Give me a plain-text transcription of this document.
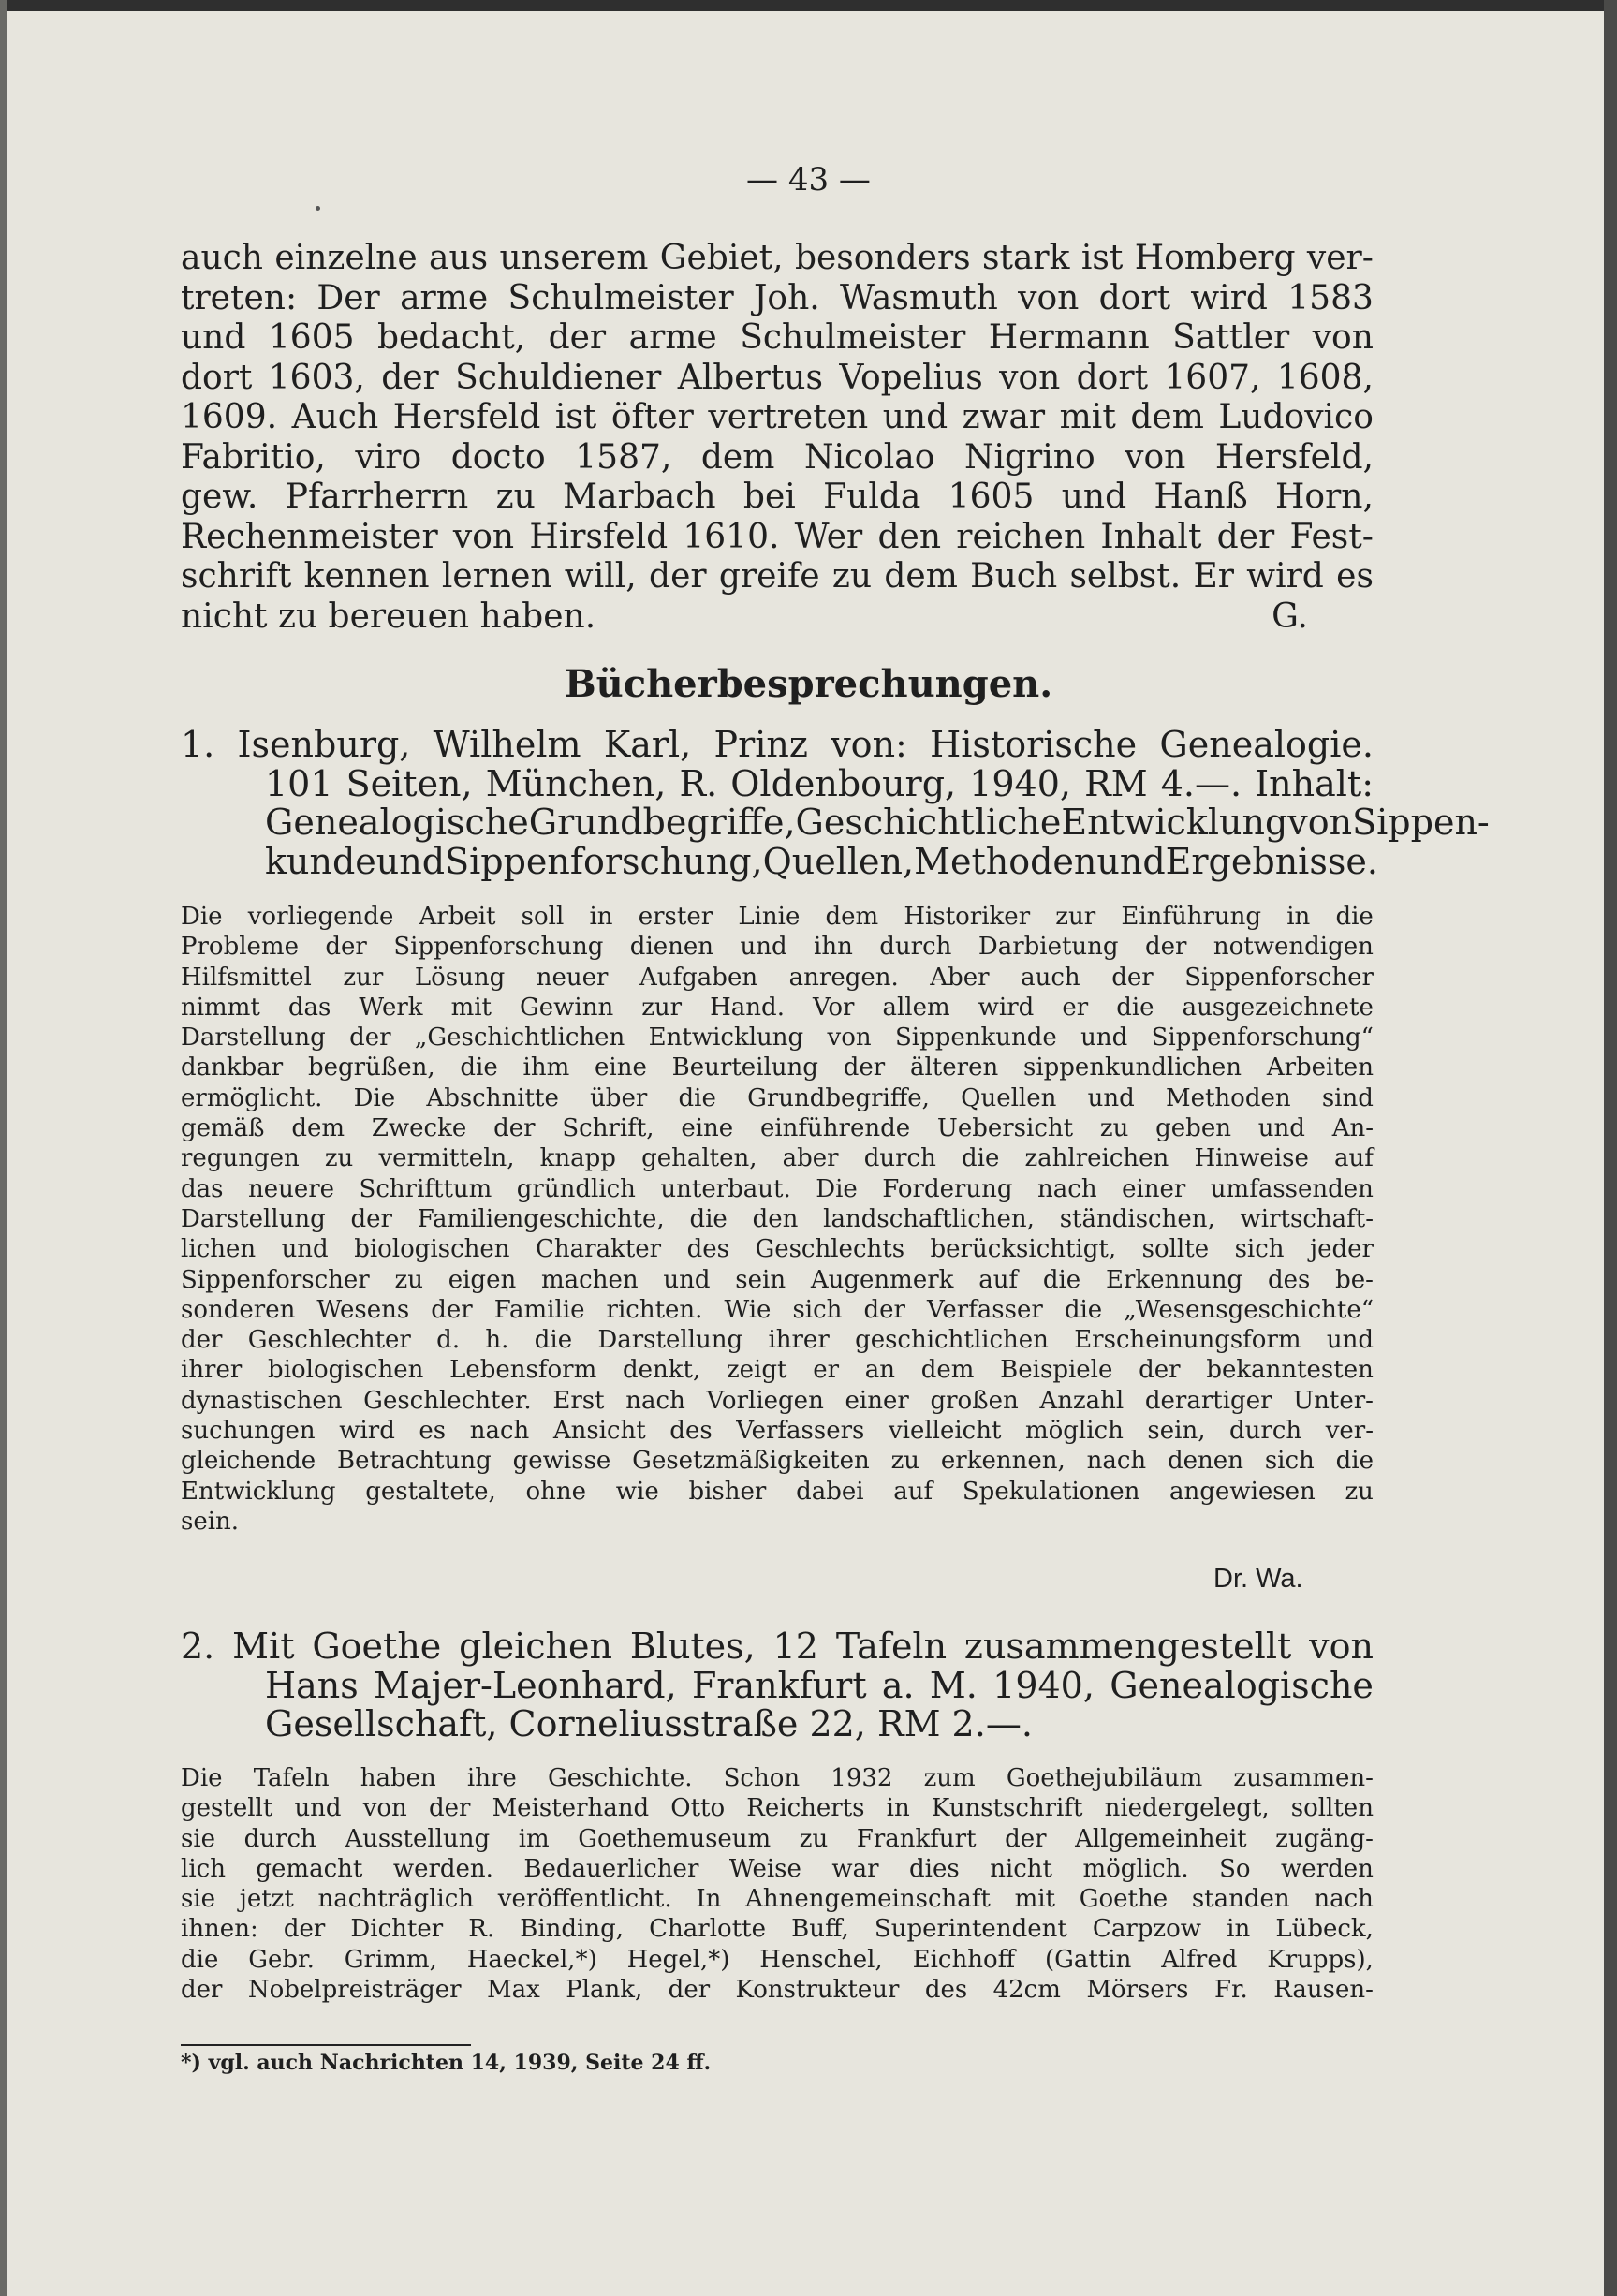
— 43 —
auch einzelne aus unserem Gebiet, besonders stark ist Homberg ver-
treten: Der arme Schulmeister Joh. Wasmuth von dort wird 1583
und 1605 bedacht, der arme Schulmeister Hermann Sattler von
dort 1603, der Schuldiener Albertus Vopelius von dort 1607, 1608,
1609. Auch Hersfeld ist öfter vertreten und zwar mit dem Ludovico
Fabritio, viro docto 1587, dem Nicolao Nigrino von Hersfeld,
gew. Pfarrherrn zu Marbach bei Fulda 1605 und Hanß Horn,
Rechenmeister von Hirsfeld 1610. Wer den reichen Inhalt der Fest-
schrift kennen lernen will, der greife zu dem Buch selbst. Er wird es
nicht zu bereuen haben.	G.
Bücherbesprechungen.
1. Isenburg, Wilhelm Karl, Prinz von: Historische Genealogie.
101 Seiten, München, R. Oldenbourg, 1940, RM 4.—. Inhalt:
Genealogische Grundbegriffe, Geschichtliche Entwicklung von Sippen-
kunde und Sippenforschung, Quellen, Methoden und Ergebnisse.
Die vorliegende Arbeit soll in erster Linie dem Historiker zur Einführung in die
Probleme der Sippenforschung dienen und ihn durch Darbietung der notwendigen
Hilfsmittel zur Lösung neuer Aufgaben anregen. Aber auch der Sippenforscher
nimmt das Werk mit Gewinn zur Hand. Vor allem wird er die ausgezeichnete
Darstellung der „Geschichtlichen Entwicklung von Sippenkunde und Sippenforschung“
dankbar begrüßen, die ihm eine Beurteilung der älteren sippenkundlichen Arbeiten
ermöglicht. Die Abschnitte über die Grundbegriffe, Quellen und Methoden sind
gemäß dem Zwecke der Schrift, eine einführende Uebersicht zu geben und An-
regungen zu vermitteln, knapp gehalten, aber durch die zahlreichen Hinweise auf
das neuere Schrifttum gründlich unterbaut. Die Forderung nach einer umfassenden
Darstellung der Familiengeschichte, die den landschaftlichen, ständischen, wirtschaft-
lichen und biologischen Charakter des Geschlechts berücksichtigt, sollte sich jeder
Sippenforscher zu eigen machen und sein Augenmerk auf die Erkennung des be-
sonderen Wesens der Familie richten. Wie sich der Verfasser die „Wesensgeschichte“
der Geschlechter d. h. die Darstellung ihrer geschichtlichen Erscheinungsform und
ihrer biologischen Lebensform denkt, zeigt er an dem Beispiele der bekanntesten
dynastischen Geschlechter. Erst nach Vorliegen einer großen Anzahl derartiger Unter-
suchungen wird es nach Ansicht des Verfassers vielleicht möglich sein, durch ver-
gleichende Betrachtung gewisse Gesetzmäßigkeiten zu erkennen, nach denen sich die
Entwicklung gestaltete, ohne wie bisher dabei auf Spekulationen angewiesen zu
sein.
Dr. Wa.
2. Mit Goethe gleichen Blutes, 12 Tafeln zusammengestellt von
Hans Majer-Leonhard, Frankfurt a. M. 1940, Genealogische
Gesellschaft, Corneliusstraße 22, RM 2.—.
Die Tafeln haben ihre Geschichte. Schon 1932 zum Goethejubiläum zusammen-
gestellt und von der Meisterhand Otto Reicherts in Kunstschrift niedergelegt, sollten
sie durch Ausstellung im Goethemuseum zu Frankfurt der Allgemeinheit zugäng-
lich gemacht werden. Bedauerlicher Weise war dies nicht möglich. So werden
sie jetzt nachträglich veröffentlicht. In Ahnengemeinschaft mit Goethe standen nach
ihnen: der Dichter R. Binding, Charlotte Buff, Superintendent Carpzow in Lübeck,
die Gebr. Grimm, Haeckel,*) Hegel,*) Henschel, Eichhoff (Gattin Alfred Krupps),
der Nobelpreisträger Max Plank, der Konstrukteur des 42cm Mörsers Fr. Rausen-
*) vgl. auch Nachrichten 14, 1939, Seite 24 ff.
